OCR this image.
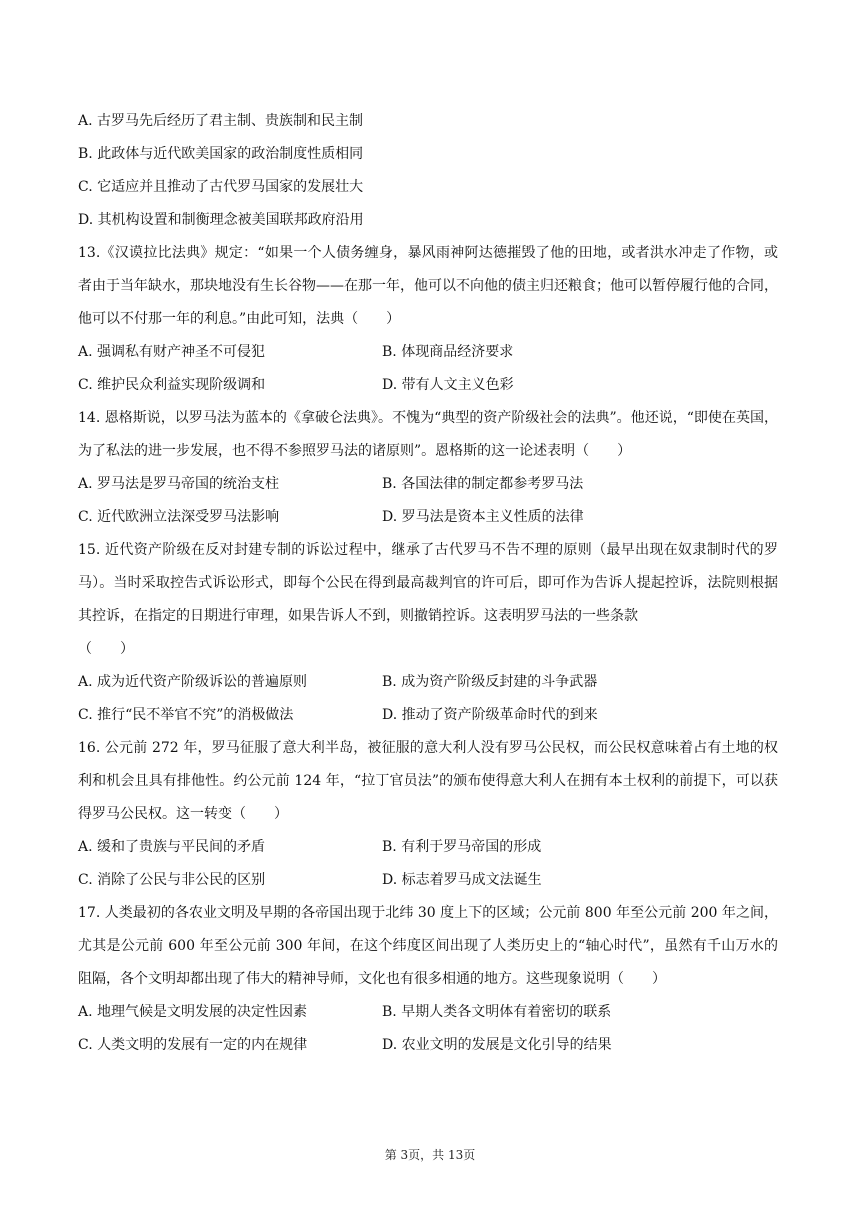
A. 古罗马先后经历了君主制、贵族制和民主制
B. 此政体与近代欧美国家的政治制度性质相同
C. 它适应并且推动了古代罗马国家的发展壮大
D. 其机构设置和制衡理念被美国联邦政府沿用
13.《汉谟拉比法典》规定：“如果一个人债务缠身，暴风雨神阿达德摧毁了他的田地，或者洪水冲走了作物，或者由于当年缺水，那块地没有生长谷物——在那一年，他可以不向他的债主归还粮食；他可以暂停履行他的合同，他可以不付那一年的利息。”由此可知，法典（　　）
A. 强调私有财产神圣不可侵犯	B. 体现商品经济要求
C. 维护民众利益实现阶级调和	D. 带有人文主义色彩
14. 恩格斯说，以罗马法为蓝本的《拿破仑法典》。不愧为“典型的资产阶级社会的法典”。他还说，“即使在英国，为了私法的进一步发展，也不得不参照罗马法的诸原则”。恩格斯的这一论述表明（　　）
A. 罗马法是罗马帝国的统治支柱	B. 各国法律的制定都参考罗马法
C. 近代欧洲立法深受罗马法影响	D. 罗马法是资本主义性质的法律
15. 近代资产阶级在反对封建专制的诉讼过程中，继承了古代罗马不告不理的原则（最早出现在奴隶制时代的罗马）。当时采取控告式诉讼形式，即每个公民在得到最高裁判官的许可后，即可作为告诉人提起控诉，法院则根据其控诉，在指定的日期进行审理，如果告诉人不到，则撤销控诉。这表明罗马法的一些条款
（　　）
A. 成为近代资产阶级诉讼的普遍原则	B. 成为资产阶级反封建的斗争武器
C. 推行“民不举官不究”的消极做法	D. 推动了资产阶级革命时代的到来
16. 公元前 272 年，罗马征服了意大利半岛，被征服的意大利人没有罗马公民权，而公民权意味着占有土地的权利和机会且具有排他性。约公元前 124 年，“拉丁官员法”的颁布使得意大利人在拥有本土权利的前提下，可以获得罗马公民权。这一转变（　　）
A. 缓和了贵族与平民间的矛盾	B. 有利于罗马帝国的形成
C. 消除了公民与非公民的区别	D. 标志着罗马成文法诞生
17. 人类最初的各农业文明及早期的各帝国出现于北纬 30 度上下的区域；公元前 800 年至公元前 200 年之间，尤其是公元前 600 年至公元前 300 年间，在这个纬度区间出现了人类历史上的“轴心时代”，虽然有千山万水的阻隔，各个文明却都出现了伟大的精神导师，文化也有很多相通的地方。这些现象说明（　　）
A. 地理气候是文明发展的决定性因素	B. 早期人类各文明体有着密切的联系
C. 人类文明的发展有一定的内在规律	D. 农业文明的发展是文化引导的结果
第 3页，共 13页
